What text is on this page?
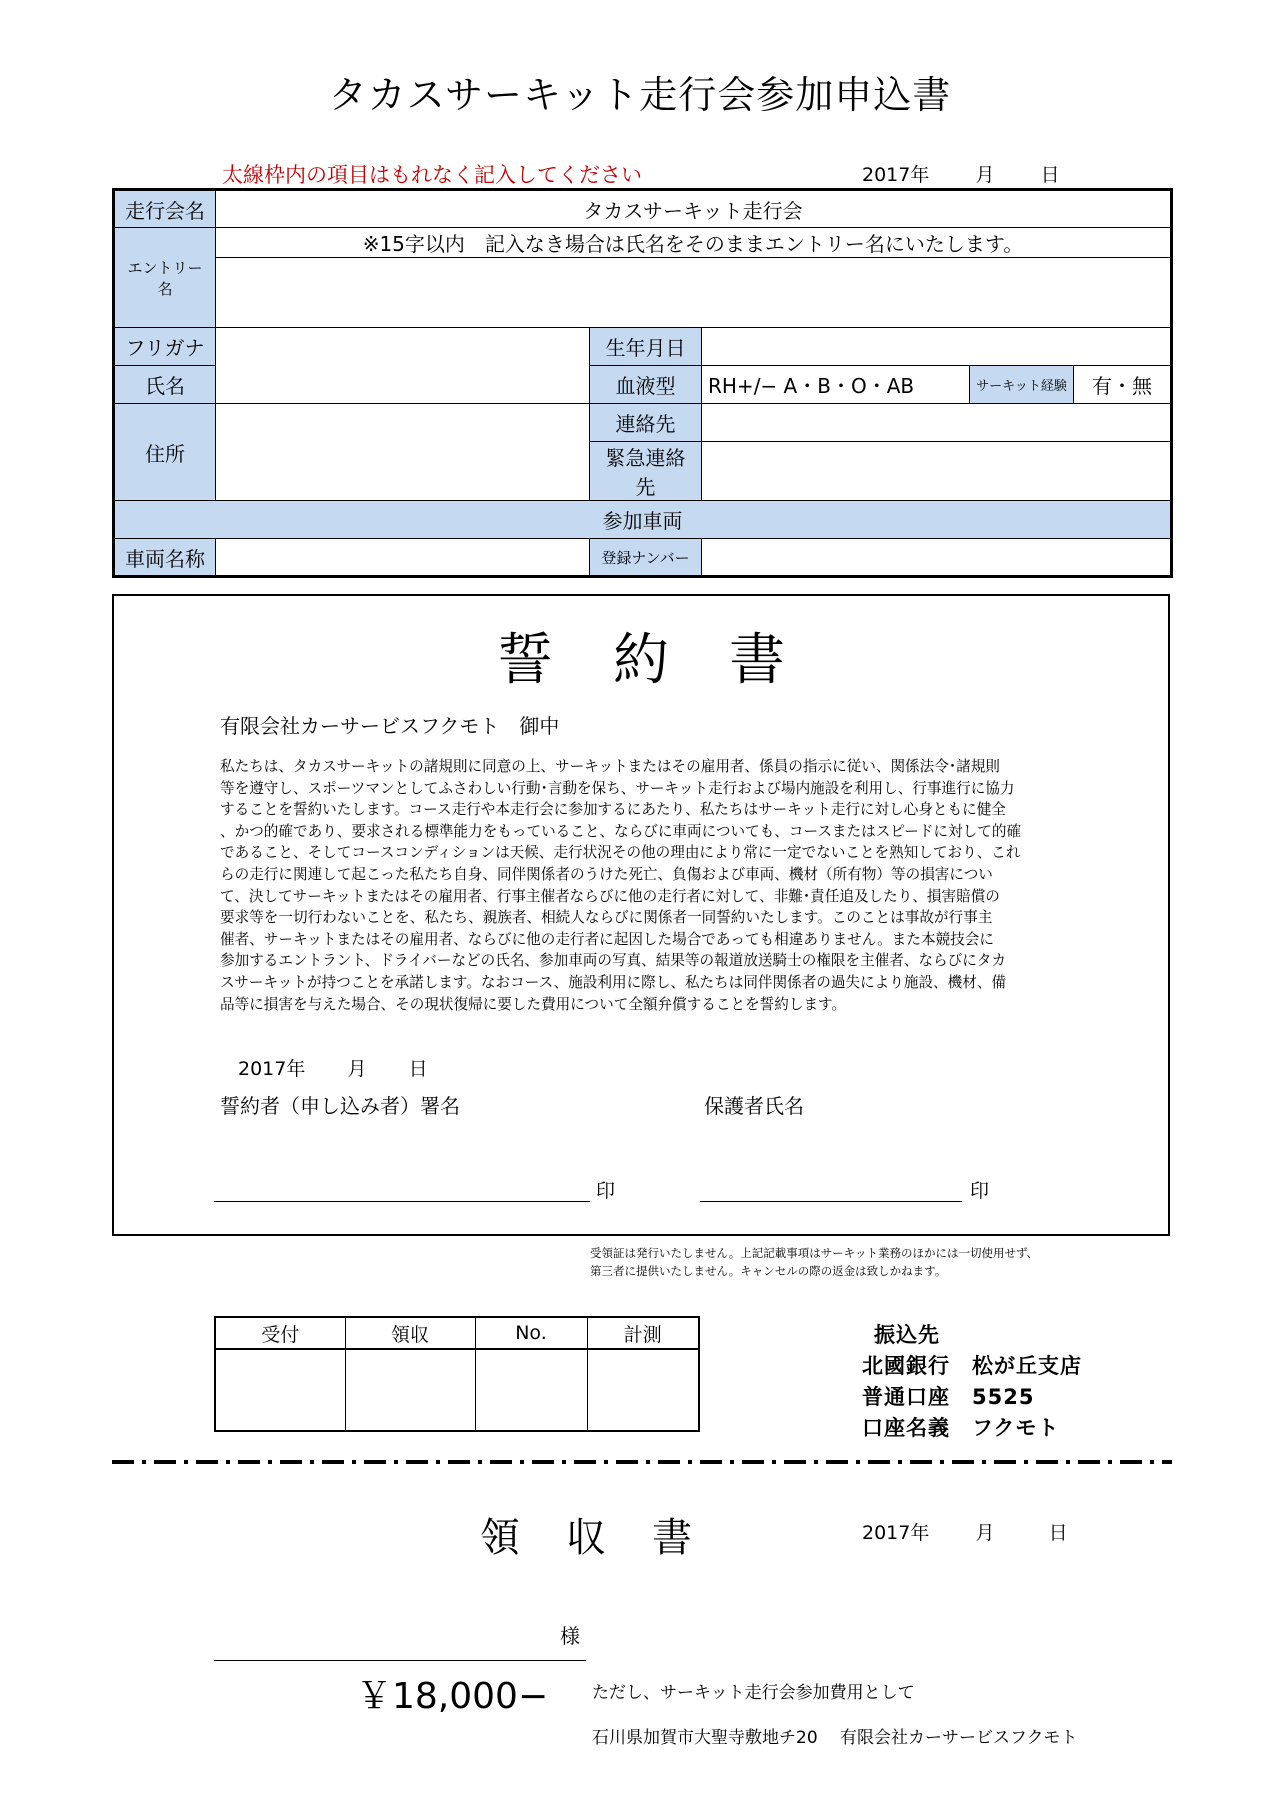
タカスサーキット走行会参加申込書
太線枠内の項目はもれなく記入してください	2017年 月 日
走行会名	タカスサーキット走行会				
エントリー名	※15字以内　記入なき場合は氏名をそのままエントリー名にいたします。				

フリガナ		生年月日			
氏名		血液型	RH+/− A・B・O・AB	サーキット経験	有・無
住所		連絡先			
		緊急連絡先			
参加車両					
車両名称		登録ナンバー			
誓約書
有限会社カーサービスフクモト　御中
私たちは、タカスサーキットの諸規則に同意の上、サーキットまたはその雇用者、係員の指示に従い、関係法令･諸規則
等を遵守し、スポーツマンとしてふさわしい行動･言動を保ち、サーキット走行および場内施設を利用し、行事進行に協力
することを誓約いたします。コース走行や本走行会に参加するにあたり、私たちはサーキット走行に対し心身ともに健全
、かつ的確であり、要求される標準能力をもっていること、ならびに車両についても、コースまたはスピードに対して的確
であること、そしてコースコンディションは天候、走行状況その他の理由により常に一定でないことを熟知しており、これ
らの走行に関連して起こった私たち自身、同伴関係者のうけた死亡、負傷および車両、機材（所有物）等の損害につい
て、決してサーキットまたはその雇用者、行事主催者ならびに他の走行者に対して、非難･責任追及したり、損害賠償の
要求等を一切行わないことを、私たち、親族者、相続人ならびに関係者一同誓約いたします。このことは事故が行事主
催者、サーキットまたはその雇用者、ならびに他の走行者に起因した場合であっても相違ありません。また本競技会に
参加するエントラント、ドライバーなどの氏名、参加車両の写真、結果等の報道放送騎士の権限を主催者、ならびにタカ
スサーキットが持つことを承諾します。なおコース、施設利用に際し、私たちは同伴関係者の過失により施設、機材、備
品等に損害を与えた場合、その現状復帰に要した費用について全額弁償することを誓約します。
2017年 月 日
誓約者（申し込み者）署名	保護者氏名
印	印
受領証は発行いたしません。上記記載事項はサーキット業務のほかには一切使用せず、
第三者に提供いたしません。キャンセルの際の返金は致しかねます。
受付	領収	No.	計測
				振込先
北國銀行　松が丘支店
普通口座　5525
口座名義　フクモト
領収書	2017年 月	日
様
￥18,000−	ただし、サーキット走行会参加費用として
石川県加賀市大聖寺敷地チ20　 有限会社カーサービスフクモト
